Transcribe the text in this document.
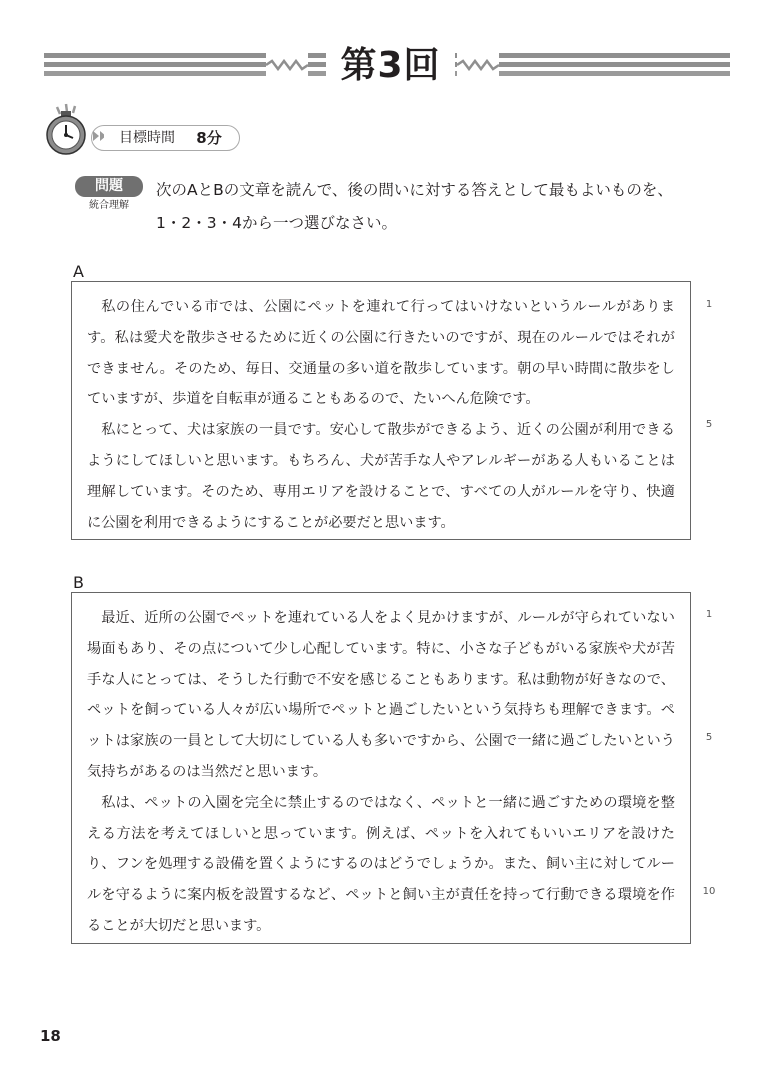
第3回
目標時間	8分
問題
統合理解
次のAとBの文章を読んで、後の問いに対する答えとして最もよいものを、1・2・3・4から一つ選びなさい。
A

私の住んでいる市では、公園にペットを連れて行ってはいけないというルールがあります。私は愛犬を散歩させるために近くの公園に行きたいのですが、現在のルールではそれができません。そのため、毎日、交通量の多い道を散歩しています。朝の早い時間に散歩をしていますが、歩道を自転車が通ることもあるので、たいへん危険です。

私にとって、犬は家族の一員です。安心して散歩ができるよう、近くの公園が利用できるようにしてほしいと思います。もちろん、犬が苦手な人やアレルギーがある人もいることは理解しています。そのため、専用エリアを設けることで、すべての人がルールを守り、快適に公園を利用できるようにすることが必要だと思います。

1
5
B

最近、近所の公園でペットを連れている人をよく見かけますが、ルールが守られていない場面もあり、その点について少し心配しています。特に、小さな子どもがいる家族や犬が苦手な人にとっては、そうした行動で不安を感じることもあります。私は動物が好きなので、ペットを飼っている人々が広い場所でペットと過ごしたいという気持ちも理解できます。ペットは家族の一員として大切にしている人も多いですから、公園で一緒に過ごしたいという気持ちがあるのは当然だと思います。

私は、ペットの入園を完全に禁止するのではなく、ペットと一緒に過ごすための環境を整える方法を考えてほしいと思っています。例えば、ペットを入れてもいいエリアを設けたり、フンを処理する設備を置くようにするのはどうでしょうか。また、飼い主に対してルールを守るように案内板を設置するなど、ペットと飼い主が責任を持って行動できる環境を作ることが大切だと思います。

1
5
10
18
